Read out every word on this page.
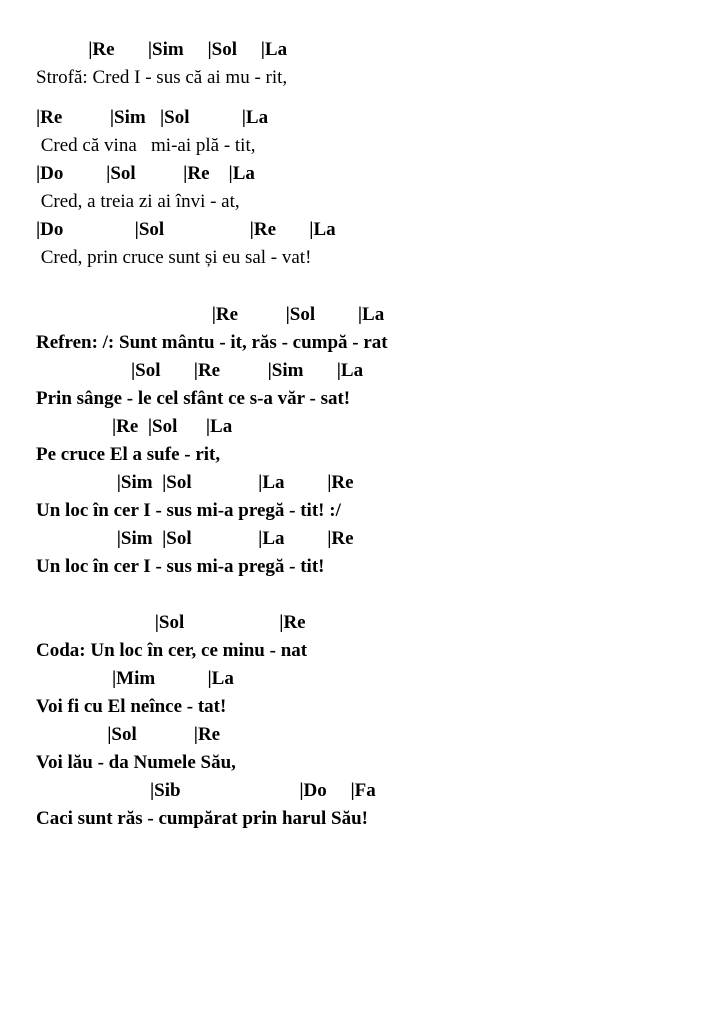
|Re       |Sim     |Sol     |La

Strofă: Cred I - sus că ai mu - rit,

|Re          |Sim   |Sol           |La

Cred că vina   mi-ai plă - tit,

|Do         |Sol          |Re    |La

Cred, a treia zi ai învi - at,

|Do               |Sol                  |Re       |La

Cred, prin cruce sunt și eu sal - vat!

|Re          |Sol         |La

Refren: /: Sunt mântu - it, răs - cumpă - rat

|Sol       |Re          |Sim       |La

Prin sânge - le cel sfânt ce s-a văr - sat!

|Re  |Sol      |La

Pe cruce El a sufe - rit,

|Sim  |Sol              |La         |Re

Un loc în cer I - sus mi-a pregă - tit! :/

|Sim  |Sol              |La         |Re

Un loc în cer I - sus mi-a pregă - tit!

|Sol                    |Re

Coda: Un loc în cer, ce minu - nat

|Mim           |La

Voi fi cu El neînce - tat!

|Sol            |Re

Voi lău - da Numele Său,

|Sib                         |Do     |Fa

Caci sunt răs - cumpărat prin harul Său!
